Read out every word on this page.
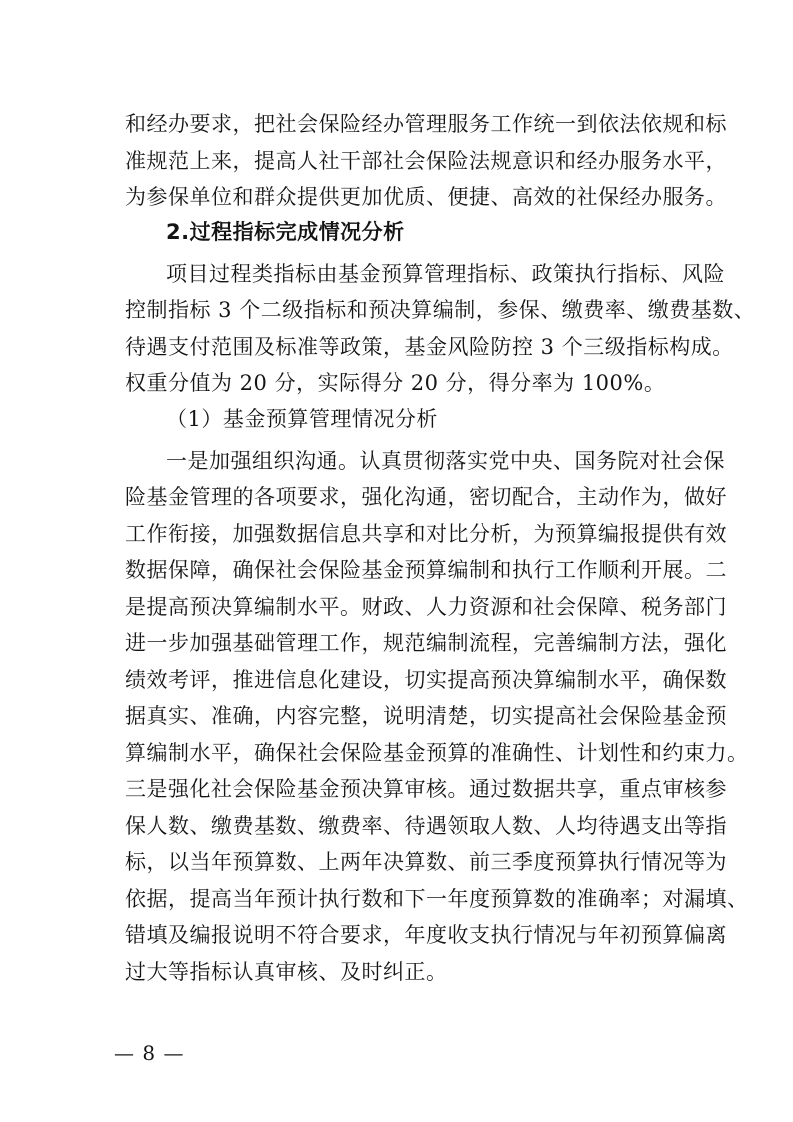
和经办要求，把社会保险经办管理服务工作统一到依法依规和标
准规范上来，提高人社干部社会保险法规意识和经办服务水平，
为参保单位和群众提供更加优质、便捷、高效的社保经办服务。
2.过程指标完成情况分析
项目过程类指标由基金预算管理指标、政策执行指标、风险
控制指标 3 个二级指标和预决算编制，参保、缴费率、缴费基数、
待遇支付范围及标准等政策，基金风险防控 3 个三级指标构成。
权重分值为 20 分，实际得分 20 分，得分率为 100%。
（1）基金预算管理情况分析
一是加强组织沟通。认真贯彻落实党中央、国务院对社会保
险基金管理的各项要求，强化沟通，密切配合，主动作为，做好
工作衔接，加强数据信息共享和对比分析，为预算编报提供有效
数据保障，确保社会保险基金预算编制和执行工作顺利开展。二
是提高预决算编制水平。财政、人力资源和社会保障、税务部门
进一步加强基础管理工作，规范编制流程，完善编制方法，强化
绩效考评，推进信息化建设，切实提高预决算编制水平，确保数
据真实、准确，内容完整，说明清楚，切实提高社会保险基金预
算编制水平，确保社会保险基金预算的准确性、计划性和约束力。
三是强化社会保险基金预决算审核。通过数据共享，重点审核参
保人数、缴费基数、缴费率、待遇领取人数、人均待遇支出等指
标，以当年预算数、上两年决算数、前三季度预算执行情况等为
依据，提高当年预计执行数和下一年度预算数的准确率；对漏填、
错填及编报说明不符合要求，年度收支执行情况与年初预算偏离
过大等指标认真审核、及时纠正。
— 8 —
